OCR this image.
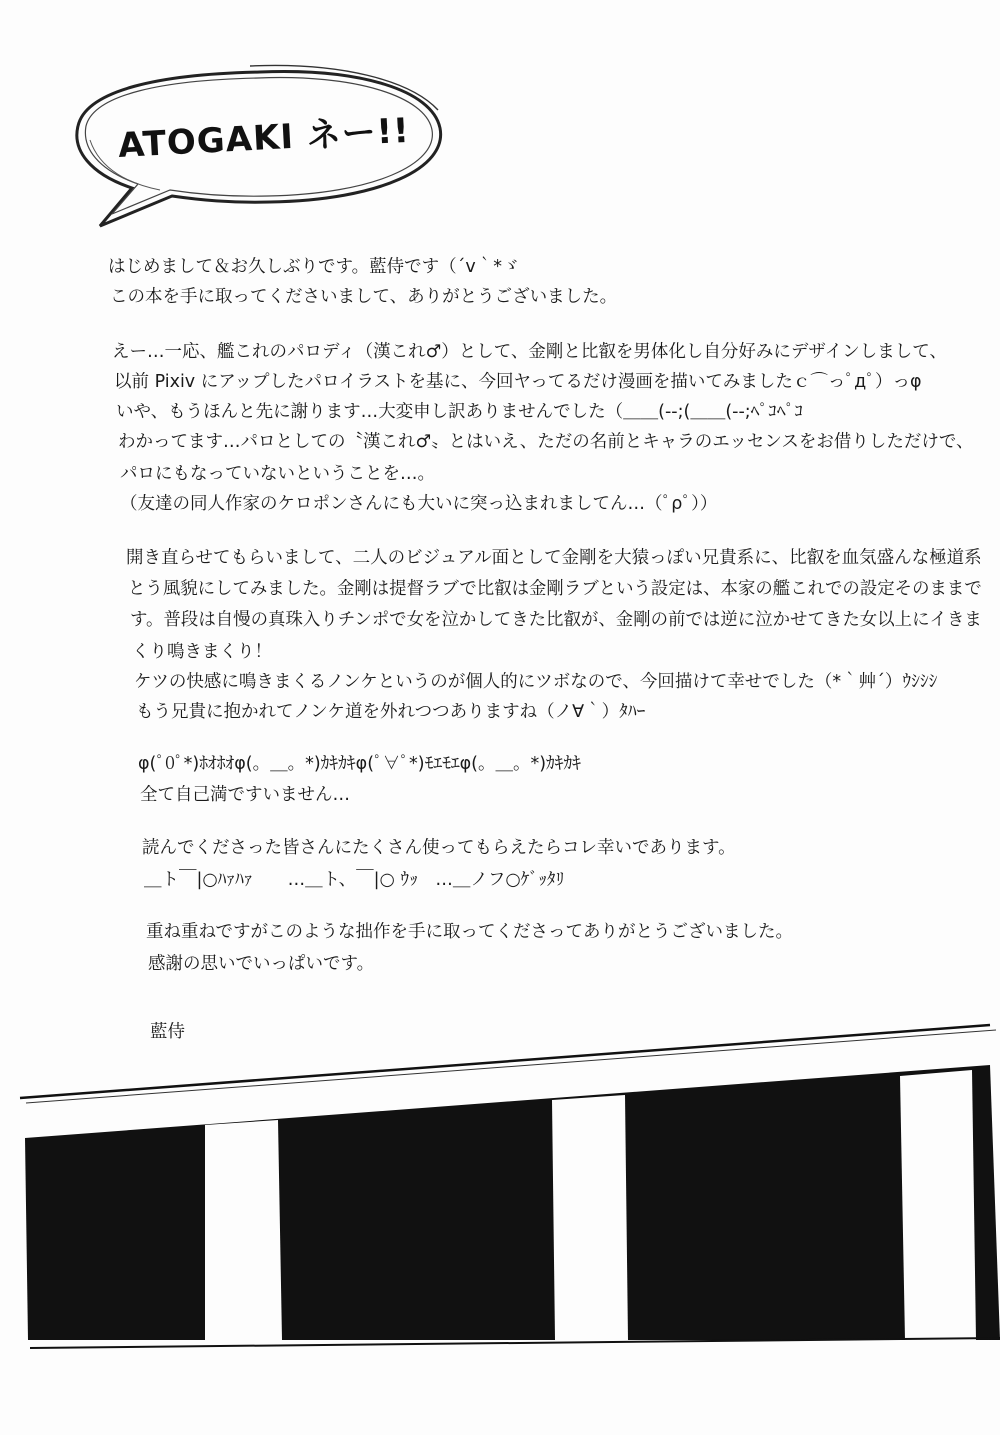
ATOGAKI ネー!!
はじめまして＆お久しぶりです。藍侍です（´v｀*ゞ
この本を手に取ってくださいまして、ありがとうございました。
えー…一応、艦これのパロディ（漢これ♂）として、金剛と比叡を男体化し自分好みにデザインしまして、
以前 Pixiv にアップしたパロイラストを基に、今回ヤってるだけ漫画を描いてみましたｃ⌒っﾟдﾟ）っφ
いや、もうほんと先に謝ります…大変申し訳ありませんでした（＿＿(--;(＿＿(--;ﾍﾟｺﾍﾟｺ
わかってます…パロとしての〝漢これ♂〟とはいえ、ただの名前とキャラのエッセンスをお借りしただけで、
パロにもなっていないということを…。
（友達の同人作家のケロポンさんにも大いに突っ込まれましてん…（ﾟρﾟ））
開き直らせてもらいまして、二人のビジュアル面として金剛を大猿っぽい兄貴系に、比叡を血気盛んな極道系
とう風貌にしてみました。金剛は提督ラブで比叡は金剛ラブという設定は、本家の艦これでの設定そのままで
す。普段は自慢の真珠入りチンポで女を泣かしてきた比叡が、金剛の前では逆に泣かせてきた女以上にイきま
くり鳴きまくり！
ケツの快感に鳴きまくるノンケというのが個人的にツボなので、今回描けて幸せでした（*｀艸´）ｳｼｼｼ
もう兄貴に抱かれてノンケ道を外れつつありますね（ノ∀｀）ﾀﾊｰ
φ(ﾟ0ﾟ*)ﾎｵﾎｵφ(。＿。*)ｶｷｶｷφ(ﾟ∀ﾟ*)ﾓｴﾓｴφ(。＿。*)ｶｷｶｷ
全て自己満ですいません…
読んでくださった皆さんにたくさん使ってもらえたらコレ幸いであります。
＿ト￣|○ﾊｧﾊｧ　　…＿ト、￣|○ ｳｯ　…＿ノフ○ｹﾞｯﾀﾘ
重ね重ねですがこのような拙作を手に取ってくださってありがとうございました。
感謝の思いでいっぱいです。
藍侍
